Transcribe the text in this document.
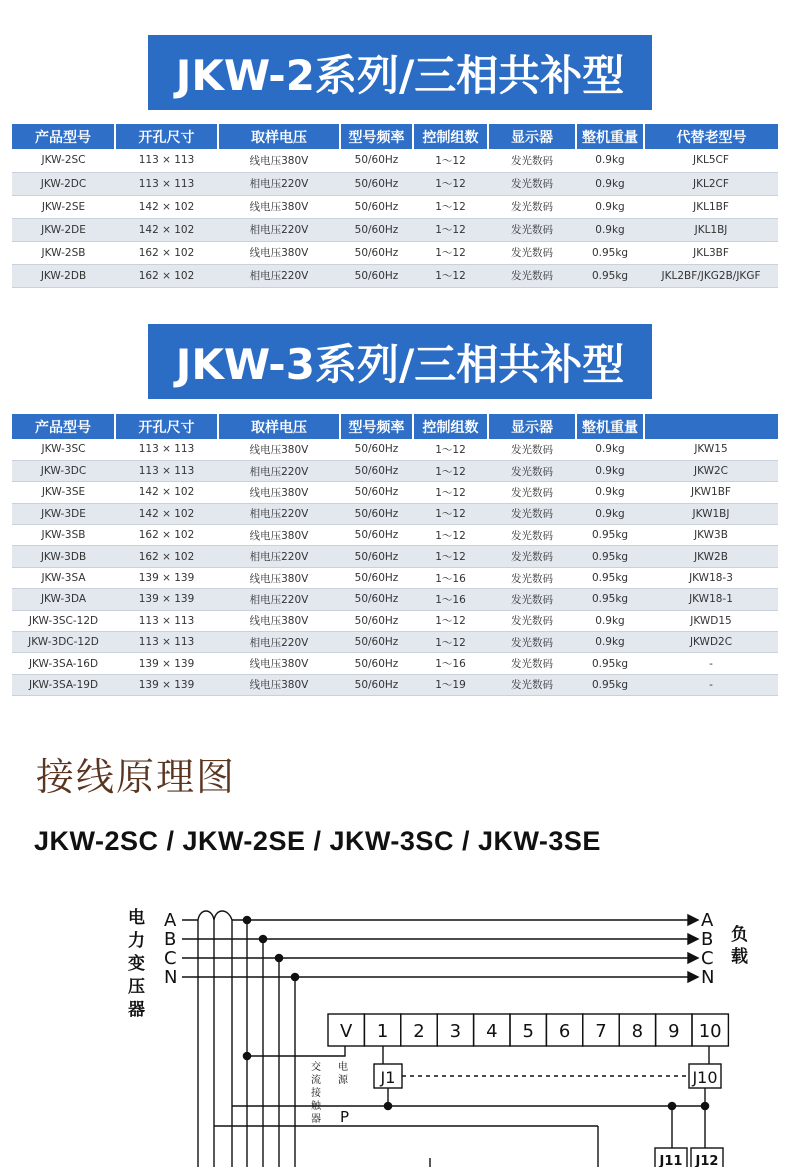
JKW-2系列/三相共补型
产品型号	开孔尺寸	取样电压	型号频率	控制组数	显示器	整机重量	代替老型号
JKW-2SC	113 × 113	线电压380V	50/60Hz	1～12	发光数码	0.9kg	JKL5CF
JKW-2DC	113 × 113	相电压220V	50/60Hz	1～12	发光数码	0.9kg	JKL2CF
JKW-2SE	142 × 102	线电压380V	50/60Hz	1～12	发光数码	0.9kg	JKL1BF
JKW-2DE	142 × 102	相电压220V	50/60Hz	1～12	发光数码	0.9kg	JKL1BJ
JKW-2SB	162 × 102	线电压380V	50/60Hz	1～12	发光数码	0.95kg	JKL3BF
JKW-2DB	162 × 102	相电压220V	50/60Hz	1～12	发光数码	0.95kg	JKL2BF/JKG2B/JKGF
JKW-3系列/三相共补型
产品型号	开孔尺寸	取样电压	型号频率	控制组数	显示器	整机重量	
JKW-3SC	113 × 113	线电压380V	50/60Hz	1～12	发光数码	0.9kg	JKW15
JKW-3DC	113 × 113	相电压220V	50/60Hz	1～12	发光数码	0.9kg	JKW2C
JKW-3SE	142 × 102	线电压380V	50/60Hz	1～12	发光数码	0.9kg	JKW1BF
JKW-3DE	142 × 102	相电压220V	50/60Hz	1～12	发光数码	0.9kg	JKW1BJ
JKW-3SB	162 × 102	线电压380V	50/60Hz	1～12	发光数码	0.95kg	JKW3B
JKW-3DB	162 × 102	相电压220V	50/60Hz	1～12	发光数码	0.95kg	JKW2B
JKW-3SA	139 × 139	线电压380V	50/60Hz	1～16	发光数码	0.95kg	JKW18-3
JKW-3DA	139 × 139	相电压220V	50/60Hz	1～16	发光数码	0.95kg	JKW18-1
JKW-3SC-12D	113 × 113	线电压380V	50/60Hz	1～12	发光数码	0.9kg	JKWD15
JKW-3DC-12D	113 × 113	相电压220V	50/60Hz	1～12	发光数码	0.9kg	JKWD2C
JKW-3SA-16D	139 × 139	线电压380V	50/60Hz	1～16	发光数码	0.95kg	-
JKW-3SA-19D	139 × 139	线电压380V	50/60Hz	1～19	发光数码	0.95kg	-
接线原理图
JKW-2SC / JKW-2SE / JKW-3SC / JKW-3SE
电
力
变
压
器
负
载
A
B
C
N
A
B
C
N
V 1 2 3 4 5 6 7 8 9 10
交
流
接
触
器
电
源 J1	J10
J11 J12
P
